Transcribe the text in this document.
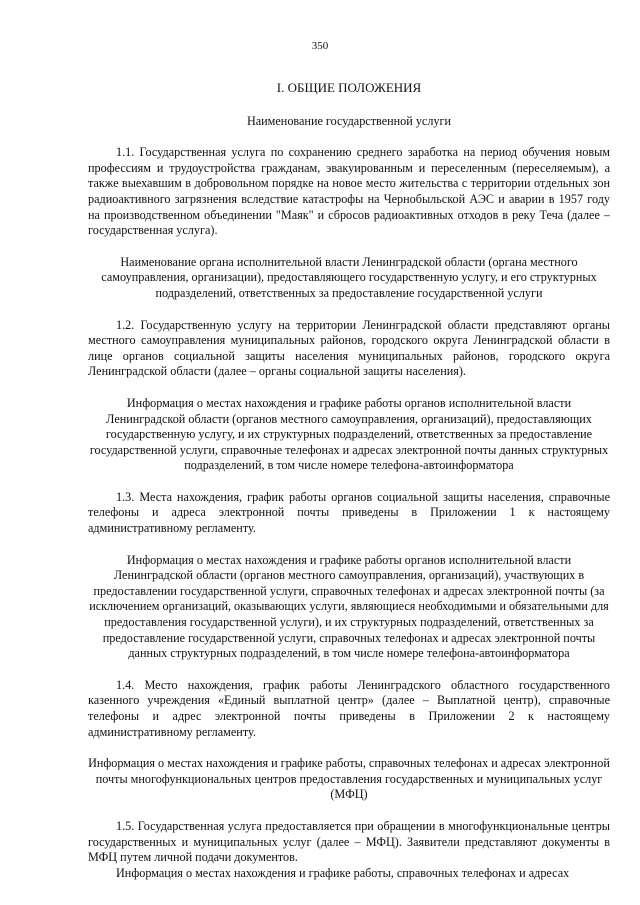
350

I. ОБЩИЕ ПОЛОЖЕНИЯ

Наименование государственной услуги

1.1. Государственная услуга по сохранению среднего заработка на период обучения новым профессиям и трудоустройства гражданам, эвакуированным и переселенным (переселяемым), а также выехавшим в добровольном порядке на новое место жительства с территории отдельных зон радиоактивного загрязнения вследствие катастрофы на Чернобыльской АЭС и аварии в 1957 году на производственном объединении "Маяк" и сбросов радиоактивных отходов в реку Теча (далее – государственная услуга).

Наименование органа исполнительной власти Ленинградской области (органа местного самоуправления, организации), предоставляющего государственную услугу, и его структурных подразделений, ответственных за предоставление государственной услуги

1.2. Государственную услугу на территории Ленинградской области представляют органы местного самоуправления муниципальных районов, городского округа Ленинградской области в лице органов социальной защиты населения муниципальных районов, городского округа Ленинградской области (далее – органы социальной защиты населения).

Информация о местах нахождения и графике работы органов исполнительной власти Ленинградской области (органов местного самоуправления, организаций), предоставляющих государственную услугу, и их структурных подразделений, ответственных за предоставление государственной услуги, справочные телефонах и адресах электронной почты данных структурных подразделений, в том числе номере телефона-автоинформатора

1.3. Места нахождения, график работы органов социальной защиты населения, справочные телефоны и адреса электронной почты приведены в Приложении 1 к настоящему административному регламенту.

Информация о местах нахождения и графике работы органов исполнительной власти Ленинградской области (органов местного самоуправления, организаций), участвующих в предоставлении государственной услуги, справочных телефонах и адресах электронной почты (за исключением организаций, оказывающих услуги, являющиеся необходимыми и обязательными для предоставления государственной услуги), и их структурных подразделений, ответственных за предоставление государственной услуги, справочных телефонах и адресах электронной почты данных структурных подразделений, в том числе номере телефона-автоинформатора

1.4. Место нахождения, график работы Ленинградского областного государственного казенного учреждения «Единый выплатной центр» (далее – Выплатной центр), справочные телефоны и адрес электронной почты приведены в Приложении 2 к настоящему административному регламенту.

Информация о местах нахождения и графике работы, справочных телефонах и адресах электронной почты многофункциональных центров предоставления государственных и муниципальных услуг (МФЦ)

1.5. Государственная услуга предоставляется при обращении в многофункциональные центры государственных и муниципальных услуг (далее – МФЦ). Заявители представляют документы в МФЦ путем личной подачи документов.

Информация о местах нахождения и графике работы, справочных телефонах и адресах
